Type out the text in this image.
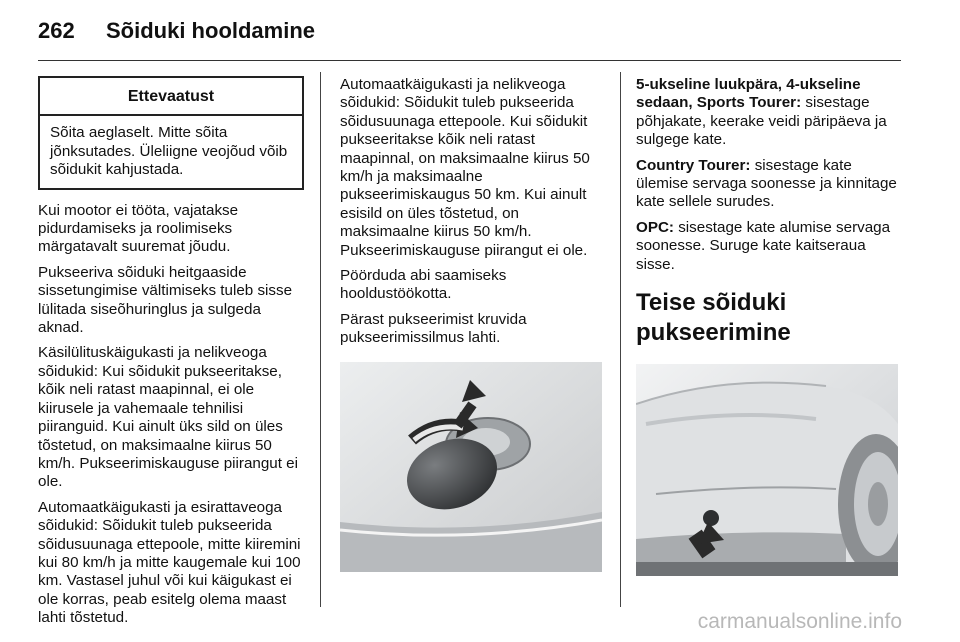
262 Sõiduki hooldamine
Ettevaatust
Sõita aeglaselt. Mitte sõita jõnksutades. Üleliigne veojõud võib sõidukit kahjustada.

Kui mootor ei tööta, vajatakse pidurdamiseks ja roolimiseks märgatavalt suuremat jõudu.

Pukseeriva sõiduki heitgaaside sissetungimise vältimiseks tuleb sisse lülitada siseõhuringlus ja sulgeda aknad.

Käsilülituskäigukasti ja nelikveoga sõidukid: Kui sõidukit pukseeritakse, kõik neli ratast maapinnal, ei ole kiirusele ja vahemaale tehnilisi piiranguid. Kui ainult üks sild on üles tõstetud, on maksimaalne kiirus 50 km/h. Pukseerimiskauguse piirangut ei ole.

Automaatkäigukasti ja esirattaveoga sõidukid: Sõidukit tuleb pukseerida sõidusuunaga ettepoole, mitte kiiremini kui 80 km/h ja mitte kaugemale kui 100 km. Vastasel juhul või kui käigukast ei ole korras, peab esitelg olema maast lahti tõstetud.

Automaatkäigukasti ja nelikveoga sõidukid: Sõidukit tuleb pukseerida sõidusuunaga ettepoole. Kui sõidukit pukseeritakse kõik neli ratast maapinnal, on maksimaalne kiirus 50 km/h ja maksimaalne pukseerimiskaugus 50 km. Kui ainult esisild on üles tõstetud, on maksimaalne kiirus 50 km/h. Pukseerimiskauguse piirangut ei ole.

Pöörduda abi saamiseks hooldustöökotta.

Pärast pukseerimist kruvida pukseerimissilmus lahti.

5-ukseline luukpära, 4-ukseline sedaan, Sports Tourer: sisestage põhjakate, keerake veidi päripäeva ja sulgege kate.

Country Tourer: sisestage kate ülemise servaga soonesse ja kinnitage kate sellele surudes.

OPC: sisestage kate alumise servaga soonesse. Suruge kate kaitseraua sisse.

Teise sõiduki pukseerimine
carmanualsonline.info
